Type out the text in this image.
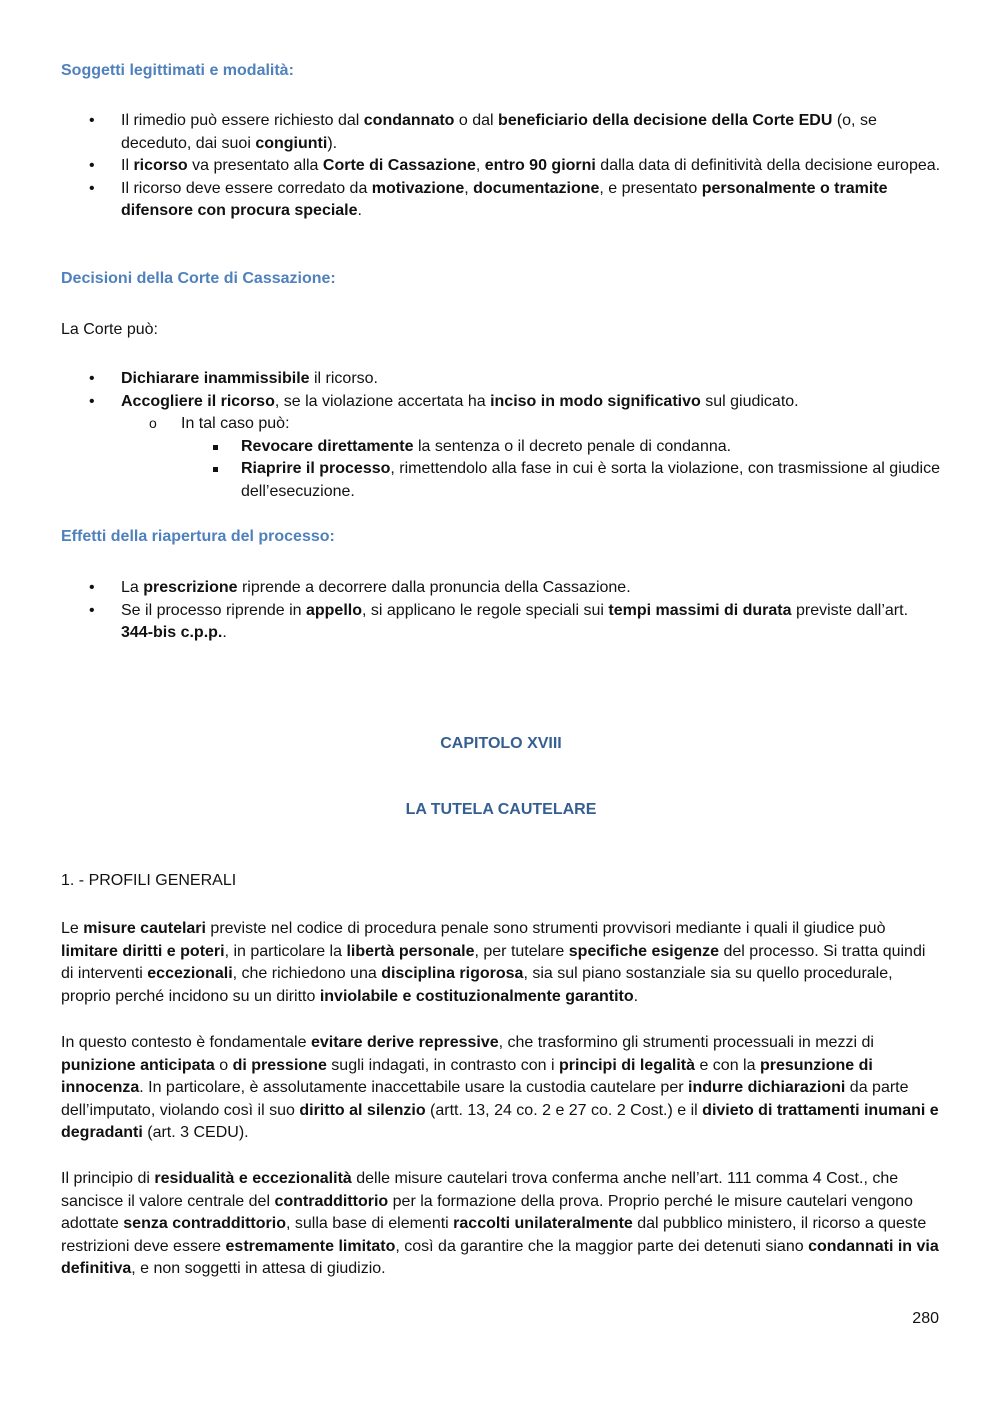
Soggetti legittimati e modalità:
• Il rimedio può essere richiesto dal condannato o dal beneficiario della decisione della Corte EDU (o, se deceduto, dai suoi congiunti).
• Il ricorso va presentato alla Corte di Cassazione, entro 90 giorni dalla data di definitività della decisione europea.
• Il ricorso deve essere corredato da motivazione, documentazione, e presentato personalmente o tramite difensore con procura speciale.
Decisioni della Corte di Cassazione:

La Corte può:

• Dichiarare inammissibile il ricorso.
• Accogliere il ricorso, se la violazione accertata ha inciso in modo significativo sul giudicato.
o In tal caso può:
Revocare direttamente la sentenza o il decreto penale di condanna.
Riaprire il processo, rimettendolo alla fase in cui è sorta la violazione, con trasmissione al giudice dell’esecuzione.
Effetti della riapertura del processo:
• La prescrizione riprende a decorrere dalla pronuncia della Cassazione.
• Se il processo riprende in appello, si applicano le regole speciali sui tempi massimi di durata previste dall’art. 344-bis c.p.p..
CAPITOLO XVIII
LA TUTELA CAUTELARE

1. - PROFILI GENERALI

Le misure cautelari previste nel codice di procedura penale sono strumenti provvisori mediante i quali il giudice può limitare diritti e poteri, in particolare la libertà personale, per tutelare specifiche esigenze del processo. Si tratta quindi di interventi eccezionali, che richiedono una disciplina rigorosa, sia sul piano sostanziale sia su quello procedurale, proprio perché incidono su un diritto inviolabile e costituzionalmente garantito.

In questo contesto è fondamentale evitare derive repressive, che trasformino gli strumenti processuali in mezzi di punizione anticipata o di pressione sugli indagati, in contrasto con i principi di legalità e con la presunzione di innocenza. In particolare, è assolutamente inaccettabile usare la custodia cautelare per indurre dichiarazioni da parte dell’imputato, violando così il suo diritto al silenzio (artt. 13, 24 co. 2 e 27 co. 2 Cost.) e il divieto di trattamenti inumani e degradanti (art. 3 CEDU).

Il principio di residualità e eccezionalità delle misure cautelari trova conferma anche nell’art. 111 comma 4 Cost., che sancisce il valore centrale del contraddittorio per la formazione della prova. Proprio perché le misure cautelari vengono adottate senza contraddittorio, sulla base di elementi raccolti unilateralmente dal pubblico ministero, il ricorso a queste restrizioni deve essere estremamente limitato, così da garantire che la maggior parte dei detenuti siano condannati in via definitiva, e non soggetti in attesa di giudizio.

280
